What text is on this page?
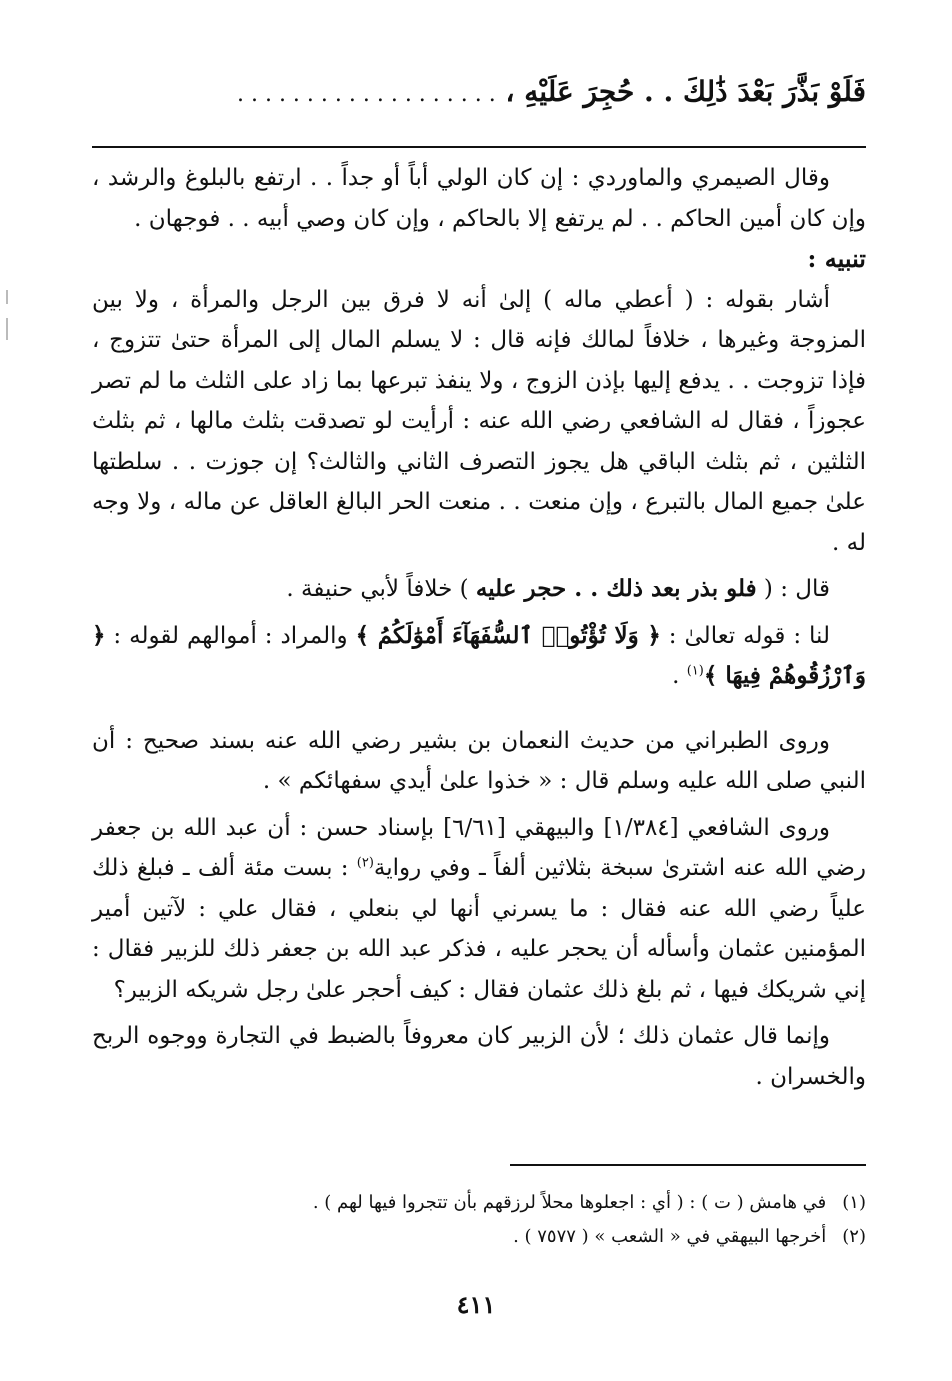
فَلَوْ بَذَّرَ بَعْدَ ذَٰلِكَ . . حُجِرَ عَلَيْهِ ، . . . . . . . . . . . . . . . . . . .

وقال الصيمري والماوردي : إن كان الولي أباً أو جداً . . ارتفع بالبلوغ والرشد ، وإن كان أمين الحاكم . . لم يرتفع إلا بالحاكم ، وإن كان وصي أبيه . . فوجهان .

تنبيه :

أشار بقوله : ( أعطي ماله ) إلىٰ أنه لا فرق بين الرجل والمرأة ، ولا بين المزوجة وغيرها ، خلافاً لمالك فإنه قال : لا يسلم المال إلى المرأة حتىٰ تتزوج ، فإذا تزوجت . . يدفع إليها بإذن الزوج ، ولا ينفذ تبرعها بما زاد على الثلث ما لم تصر عجوزاً ، فقال له الشافعي رضي الله عنه : أرأيت لو تصدقت بثلث مالها ، ثم بثلث الثلثين ، ثم بثلث الباقي هل يجوز التصرف الثاني والثالث؟ إن جوزت . . سلطتها علىٰ جميع المال بالتبرع ، وإن منعت . . منعت الحر البالغ العاقل عن ماله ، ولا وجه له .

قال : ( فلو بذر بعد ذلك . . حجر عليه ) خلافاً لأبي حنيفة .

لنا : قوله تعالىٰ : ﴿ وَلَا تُؤْتُوا۟ ٱلسُّفَهَآءَ أَمْوَٰلَكُمُ ﴾ والمراد : أموالهم لقوله : ﴿ وَٱرْزُقُوهُمْ فِيهَا ﴾$^{(١)}$ .

وروى الطبراني من حديث النعمان بن بشير رضي الله عنه بسند صحيح : أن النبي صلى الله عليه وسلم قال : « خذوا علىٰ أيدي سفهائكم » .

وروى الشافعي [١/٣٨٤] والبيهقي [٦/٦١] بإسناد حسن : أن عبد الله بن جعفر رضي الله عنه اشترىٰ سبخة بثلاثين ألفاً ـ وفي رواية$^{(٢)}$ : بست مئة ألف ـ فبلغ ذلك علياً رضي الله عنه فقال : ما يسرني أنها لي بنعلي ، فقال علي : لآتين أمير المؤمنين عثمان وأسأله أن يحجر عليه ، فذكر عبد الله بن جعفر ذلك للزبير فقال : إني شريكك فيها ، ثم بلغ ذلك عثمان فقال : كيف أحجر علىٰ رجل شريكه الزبير؟

وإنما قال عثمان ذلك ؛ لأن الزبير كان معروفاً بالضبط في التجارة ووجوه الربح والخسران .

(١) في هامش ( ت ) : ( أي : اجعلوها محلاً لرزقهم بأن تتجروا فيها لهم ) .
(٢) أخرجها البيهقي في « الشعب » ( ٧٥٧٧ ) .
٤١١
